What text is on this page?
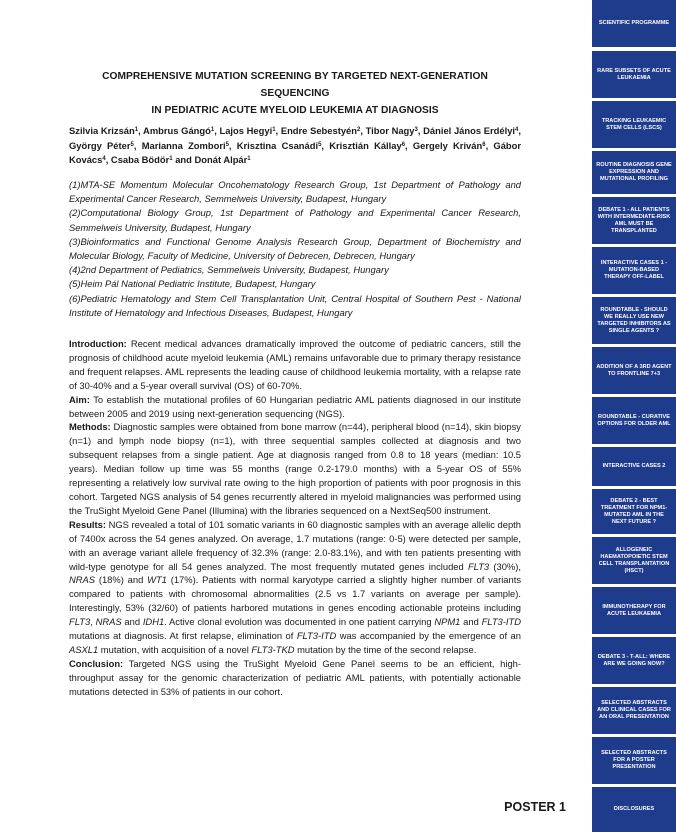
COMPREHENSIVE MUTATION SCREENING BY TARGETED NEXT-GENERATION SEQUENCING
IN PEDIATRIC ACUTE MYELOID LEUKEMIA AT DIAGNOSIS
Szilvia Krizsán$^1$, Ambrus Gángó$^1$, Lajos Hegyi$^1$, Endre Sebestyén$^2$, Tibor Nagy$^3$, Dániel János Erdélyi$^4$, György Péter$^5$, Marianna Zombori$^5$, Krisztina Csanádi$^5$, Krisztián Kállay$^6$, Gergely Kriván$^6$, Gábor Kovács$^4$, Csaba Bödör$^1$ and Donát Alpár$^1$
(1)MTA-SE Momentum Molecular Oncohematology Research Group, 1st Department of Pathology and Experimental Cancer Research, Semmelweis University, Budapest, Hungary
(2)Computational Biology Group, 1st Department of Pathology and Experimental Cancer Research, Semmelweis University, Budapest, Hungary
(3)Bioinformatics and Functional Genome Analysis Research Group, Department of Biochemistry and Molecular Biology, Faculty of Medicine, University of Debrecen, Debrecen, Hungary
(4)2nd Department of Pediatrics, Semmelweis University, Budapest, Hungary
(5)Heim Pál National Pediatric Institute, Budapest, Hungary
(6)Pediatric Hematology and Stem Cell Transplantation Unit, Central Hospital of Southern Pest - National Institute of Hematology and Infectious Diseases, Budapest, Hungary

Introduction: Recent medical advances dramatically improved the outcome of pediatric cancers, still the prognosis of childhood acute myeloid leukemia (AML) remains unfavorable due to primary therapy resistance and frequent relapses. AML represents the leading cause of childhood leukemia mortality, with a relapse rate of 30-40% and a 5-year overall survival (OS) of 60-70%.

Aim: To establish the mutational profiles of 60 Hungarian pediatric AML patients diagnosed in our institute between 2005 and 2019 using next-generation sequencing (NGS).

Methods: Diagnostic samples were obtained from bone marrow (n=44), peripheral blood (n=14), skin biopsy (n=1) and lymph node biopsy (n=1), with three sequential samples collected at diagnosis and two subsequent relapses from a single patient. Age at diagnosis ranged from 0.8 to 18 years (median: 10.5 years). Median follow up time was 55 months (range 0.2-179.0 months) with a 5-year OS of 55% representing a relatively low survival rate owing to the high proportion of patients with poor prognosis in this cohort. Targeted NGS analysis of 54 genes recurrently altered in myeloid malignancies was performed using the TruSight Myeloid Gene Panel (Illumina) with the libraries sequenced on a NextSeq500 instrument.

Results: NGS revealed a total of 101 somatic variants in 60 diagnostic samples with an average allelic depth of 7400x across the 54 genes analyzed. On average, 1.7 mutations (range: 0-5) were detected per sample, with an average variant allele frequency of 32.3% (range: 2.0-83.1%), and with ten patients presenting with wild-type genotype for all 54 genes analyzed. The most frequently mutated genes included FLT3 (30%), NRAS (18%) and WT1 (17%). Patients with normal karyotype carried a slightly higher number of variants compared to patients with chromosomal abnormalities (2.5 vs 1.7 variants on average per sample). Interestingly, 53% (32/60) of patients harbored mutations in genes encoding actionable proteins including FLT3, NRAS and IDH1. Active clonal evolution was documented in one patient carrying NPM1 and FLT3-ITD mutations at diagnosis. At first relapse, elimination of FLT3-ITD was accompanied by the emergence of an ASXL1 mutation, with acquisition of a novel FLT3-TKD mutation by the time of the second relapse.

Conclusion: Targeted NGS using the TruSight Myeloid Gene Panel seems to be an efficient, high-throughput assay for the genomic characterization of pediatric AML patients, with potentially actionable mutations detected in 53% of patients in our cohort.

POSTER 1
SCIENTIFIC PROGRAMME
RARE SUBSETS OF ACUTE LEUKAEMIA
TRACKING LEUKAEMIC STEM CELLS (LSCS)
ROUTINE DIAGNOSIS GENE EXPRESSION AND MUTATIONAL PROFILING
DEBATE 1 - ALL PATIENTS WITH INTERMEDIATE-RISK AML MUST BE TRANSPLANTED
INTERACTIVE CASES 1 - MUTATION-BASED THERAPY OFF-LABEL
ROUNDTABLE - SHOULD WE REALLY USE NEW TARGETED INHIBITORS AS SINGLE AGENTS ?
ADDITION OF A 3RD AGENT TO FRONTLINE 7+3
ROUNDTABLE - CURATIVE OPTIONS FOR OLDER AML
INTERACTIVE CASES 2
DEBATE 2 - BEST TREATMENT FOR NPM1-MUTATED AML IN THE NEXT FUTURE ?
ALLOGENEIC HAEMATOPOIETIC STEM CELL TRANSPLANTATION (HSCT)
IMMUNOTHERAPY FOR ACUTE LEUKAEMIA
DEBATE 3 - T-ALL: WHERE ARE WE GOING NOW?
SELECTED ABSTRACTS AND CLINICAL CASES FOR AN ORAL PRESENTATION
SELECTED ABSTRACTS FOR A POSTER PRESENTATION
DISCLOSURES
